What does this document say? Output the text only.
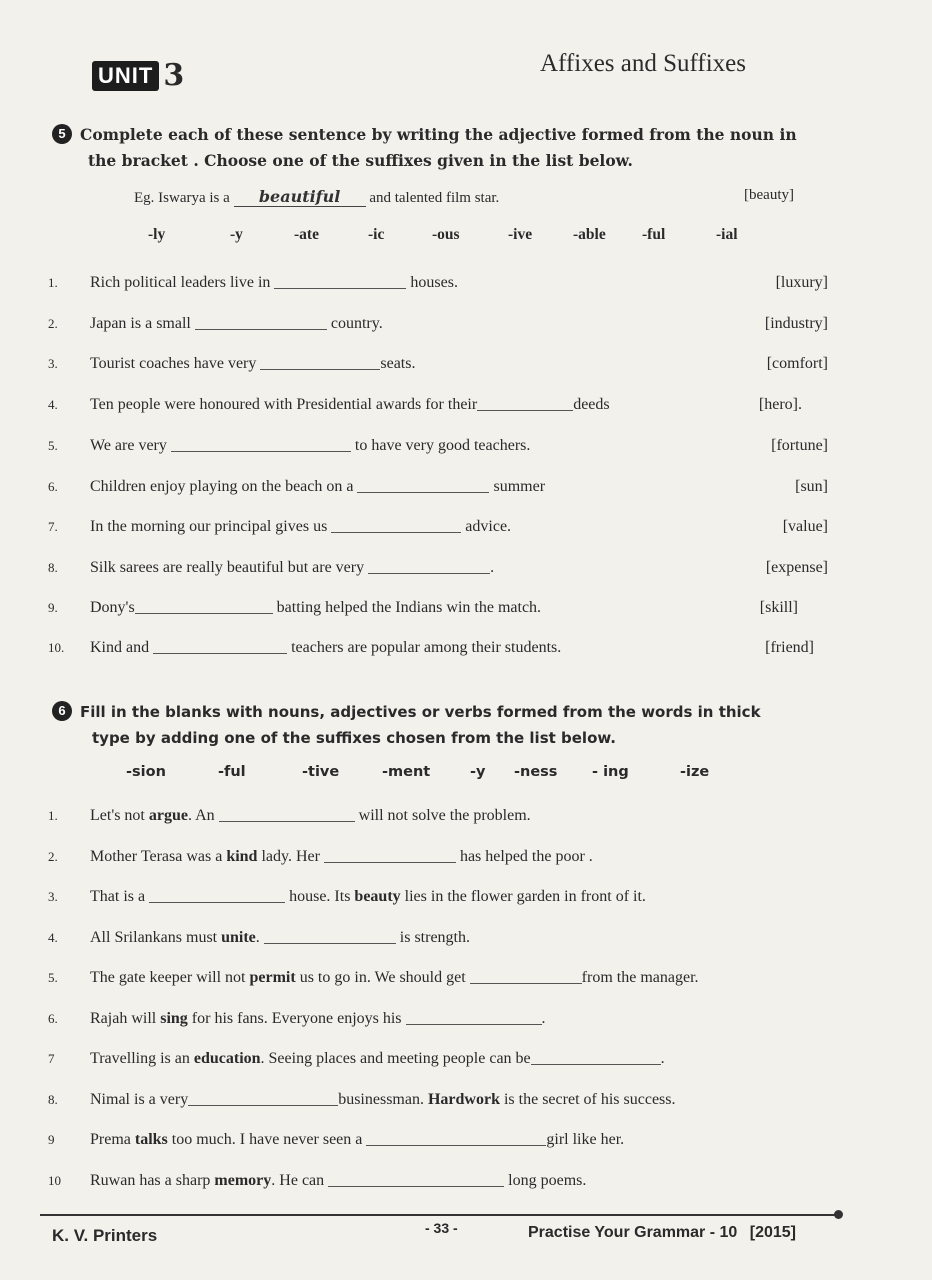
UNIT 3	Affixes and Suffixes
5 Complete each of these sentence by writing the adjective formed from the noun in
the bracket . Choose one of the suffixes given in the list below.
Eg. Iswarya is a beautiful and talented film star.	[beauty]
-ly	-y	-ate	-ic	-ous	-ive	-able -ful	-ial
1.	Rich political leaders live in	houses.	[luxury]
2.	Japan is a small	country.	[industry]
3.	Tourist coaches have very	seats.	[comfort]
4.	Ten people were honoured with Presidential awards for their	deeds	[hero].
5.	We are very	to have very good teachers.	[fortune]
6.	Children enjoy playing on the beach on a	summer	[sun]
7.	In the morning our principal gives us	advice.	[value]
8.	Silk sarees are really beautiful but are very	.	[expense]
9.	Dony's	batting helped the Indians win the match.	[skill]
10.	Kind and	teachers are popular among their students.	[friend]
6 Fill in the blanks with nouns, adjectives or verbs formed from the words in thick
type by adding one of the suffixes chosen from the list below.
-sion	-ful	-tive	-ment	-y -ness - ing	-ize
1.	Let's not argue. An	will not solve the problem.
2.	Mother Terasa was a kind lady. Her	has helped the poor .
3.	That is a	house. Its beauty lies in the flower garden in front of it.
4.	All Srilankans must unite.	is strength.
5.	The gate keeper will not permit us to go in. We should get	from the manager.
6.	Rajah will sing for his fans. Everyone enjoys his	.
7	Travelling is an education. Seeing places and meeting people can be	.
8.	Nimal is a very	businessman. Hardwork is the secret of his success.
9	Prema talks too much. I have never seen a	girl like her.
10	Ruwan has a sharp memory. He can	long poems.
K. V. Printers	- 33 -	Practise Your Grammar - 10 [2015]
